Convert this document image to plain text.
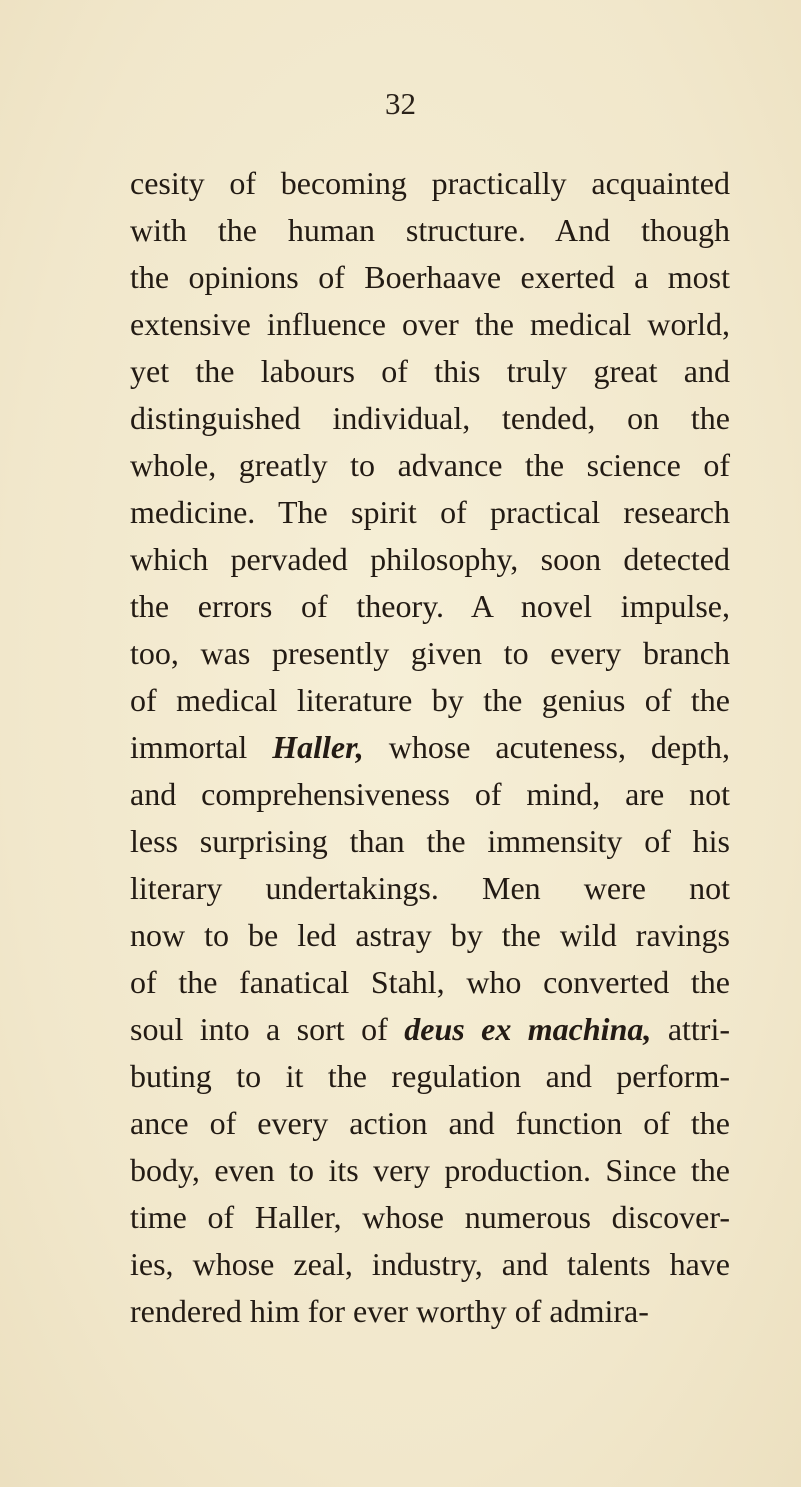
32
cesity of becoming practically acquainted
with the human structure. And though
the opinions of Boerhaave exerted a most
extensive influence over the medical world,
yet the labours of this truly great and
distinguished individual, tended, on the
whole, greatly to advance the science of
medicine. The spirit of practical research
which pervaded philosophy, soon detected
the errors of theory. A novel impulse,
too, was presently given to every branch
of medical literature by the genius of the
immortal Haller, whose acuteness, depth,
and comprehensiveness of mind, are not
less surprising than the immensity of his
literary undertakings. Men were not
now to be led astray by the wild ravings
of the fanatical Stahl, who converted the
soul into a sort of deus ex machina, attri-
buting to it the regulation and perform-
ance of every action and function of the
body, even to its very production. Since the
time of Haller, whose numerous discover-
ies, whose zeal, industry, and talents have
rendered him for ever worthy of admira-
